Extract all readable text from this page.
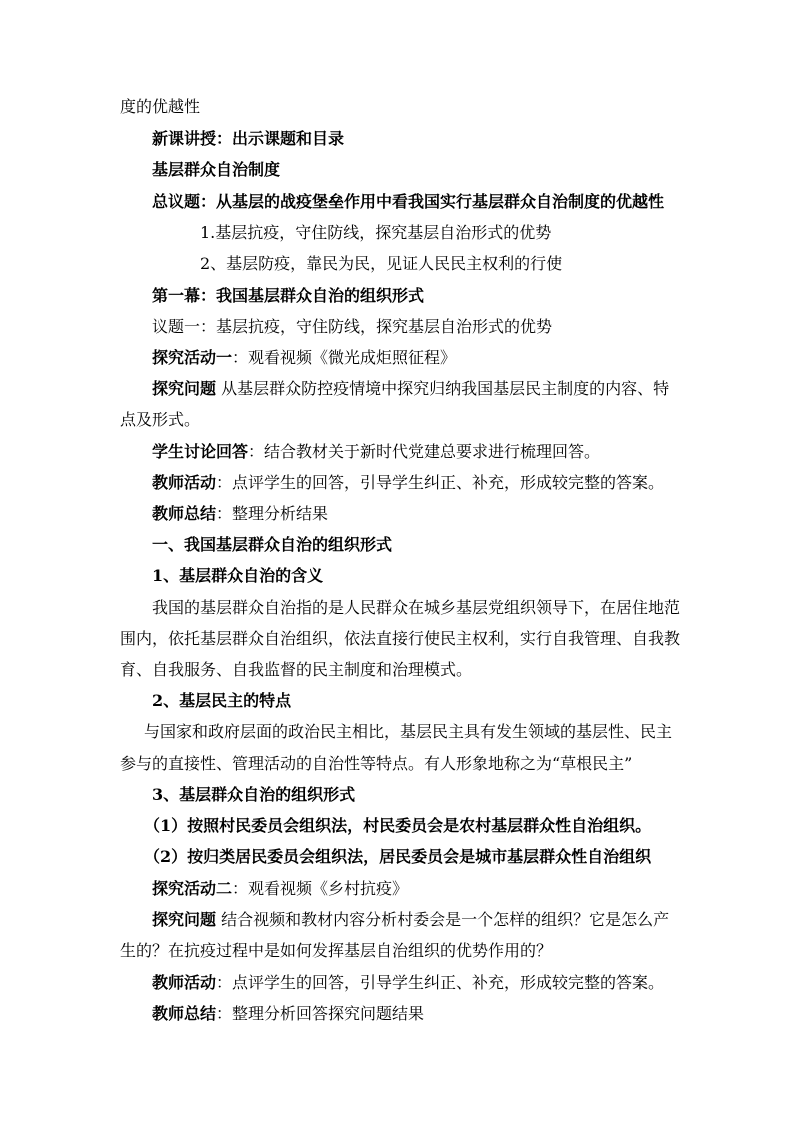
度的优越性
新课讲授：出示课题和目录
基层群众自治制度
总议题：从基层的战疫堡垒作用中看我国实行基层群众自治制度的优越性
1.基层抗疫，守住防线，探究基层自治形式的优势
2、基层防疫，靠民为民，见证人民民主权利的行使
第一幕：我国基层群众自治的组织形式
议题一：基层抗疫，守住防线，探究基层自治形式的优势
探究活动一：观看视频《微光成炬照征程》
探究问题 从基层群众防控疫情境中探究归纳我国基层民主制度的内容、特
点及形式。
学生讨论回答：结合教材关于新时代党建总要求进行梳理回答。
教师活动：点评学生的回答，引导学生纠正、补充，形成较完整的答案。
教师总结：整理分析结果
一、我国基层群众自治的组织形式
1、基层群众自治的含义
我国的基层群众自治指的是人民群众在城乡基层党组织领导下，在居住地范
围内，依托基层群众自治组织，依法直接行使民主权利，实行自我管理、自我教
育、自我服务、自我监督的民主制度和治理模式。
2、基层民主的特点
与国家和政府层面的政治民主相比，基层民主具有发生领域的基层性、民主
参与的直接性、管理活动的自治性等特点。有人形象地称之为“草根民主”
3、基层群众自治的组织形式
（1）按照村民委员会组织法，村民委员会是农村基层群众性自治组织。
（2）按归类居民委员会组织法，居民委员会是城市基层群众性自治组织
探究活动二：观看视频《乡村抗疫》
探究问题 结合视频和教材内容分析村委会是一个怎样的组织？它是怎么产
生的？在抗疫过程中是如何发挥基层自治组织的优势作用的？
教师活动：点评学生的回答，引导学生纠正、补充，形成较完整的答案。
教师总结：整理分析回答探究问题结果
